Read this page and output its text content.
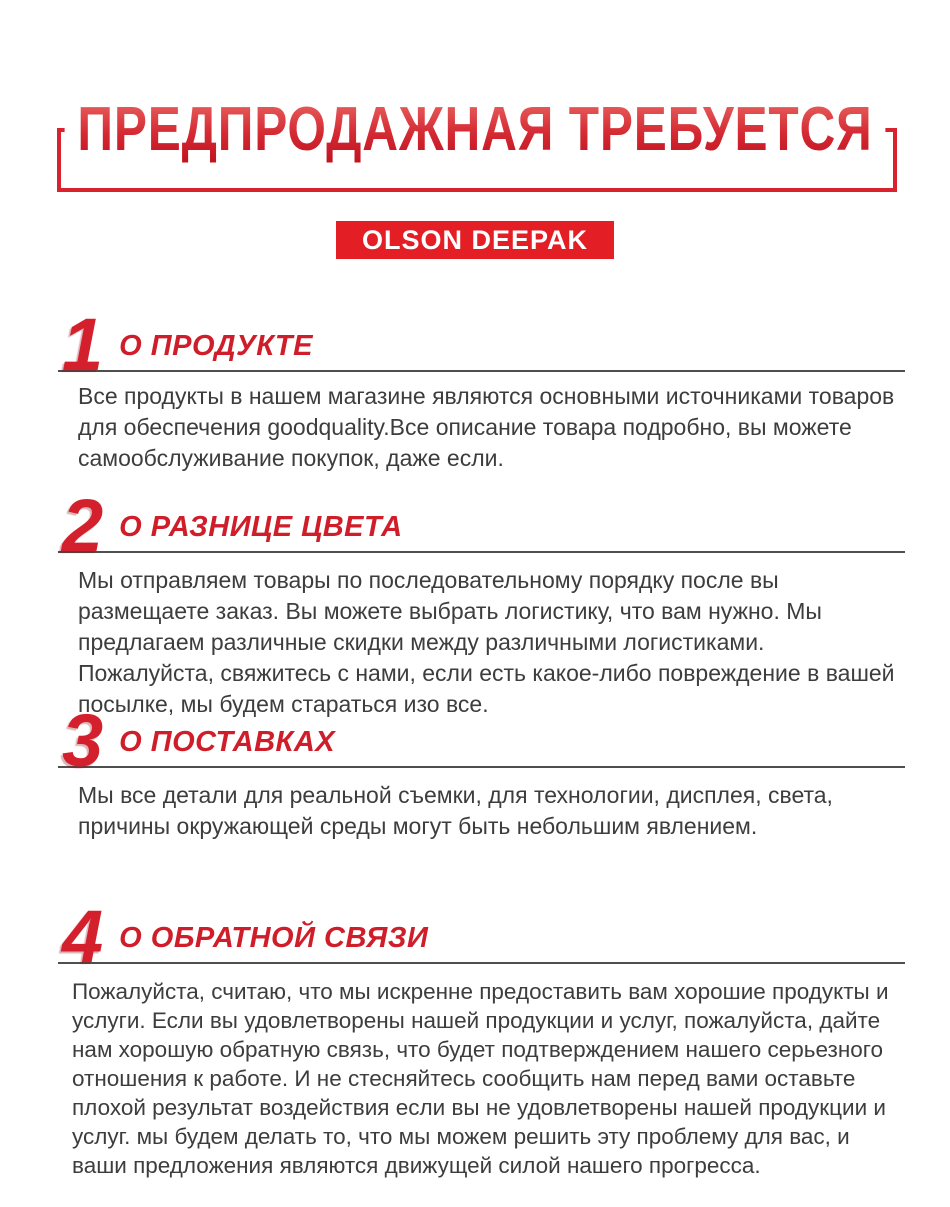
ПРЕДПРОДАЖНАЯ ТРЕБУЕТСЯ
OLSON DEEPAK
1 О ПРОДУКТЕ

Все продукты в нашем магазине являются основными источниками товаров для обеспечения goodquality.Все описание товара подробно, вы можете самообслуживание покупок, даже если.

2 О РАЗНИЦЕ ЦВЕТА

Мы отправляем товары по последовательному порядку после вы размещаете заказ. Вы можете выбрать логистику, что вам нужно. Мы предлагаем различные скидки между различными логистиками. Пожалуйста, свяжитесь с нами, если есть какое-либо повреждение в вашей посылке, мы будем стараться изо все.

3 О ПОСТАВКАХ

Мы все детали для реальной съемки, для технологии, дисплея, света, причины окружающей среды могут быть небольшим явлением.

4 О ОБРАТНОЙ СВЯЗИ

Пожалуйста, считаю, что мы искренне предоставить вам хорошие продукты и услуги. Если вы удовлетворены нашей продукции и услуг, пожалуйста, дайте нам хорошую обратную связь, что будет подтверждением нашего серьезного отношения к работе. И не стесняйтесь сообщить нам перед вами оставьте плохой результат воздействия если вы не удовлетворены нашей продукции и услуг. мы будем делать то, что мы можем решить эту проблему для вас, и ваши предложения являются движущей силой нашего прогресса.
